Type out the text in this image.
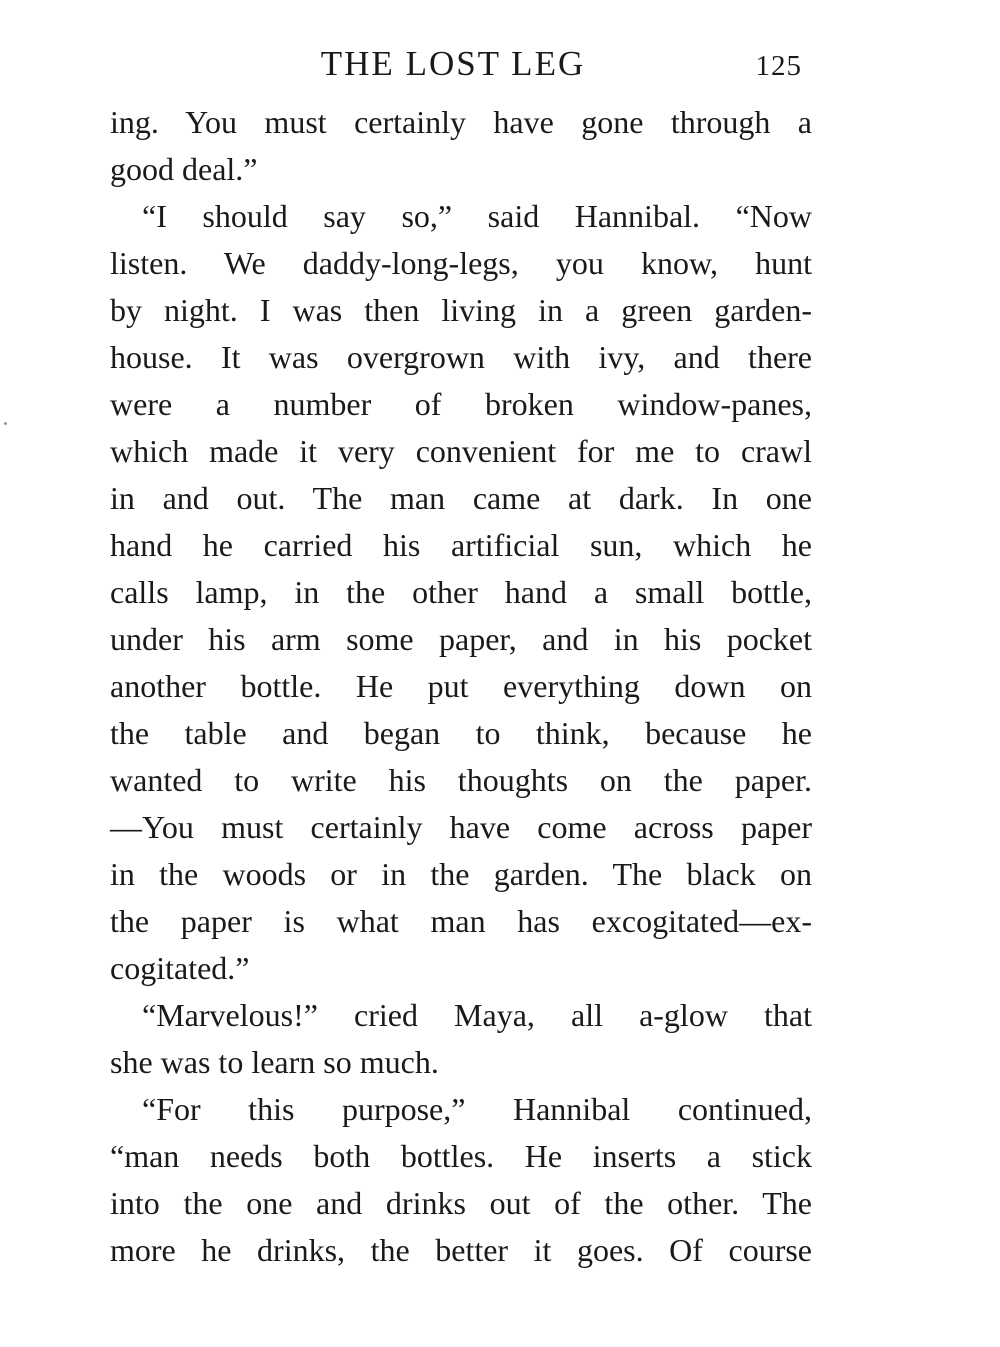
THE LOST LEG	125
ing. You must certainly have gone through a
good deal.”
“I should say so,” said Hannibal. “Now
listen. We daddy-long-legs, you know, hunt
by night. I was then living in a green garden-
house. It was overgrown with ivy, and there
were a number of broken window-panes,
which made it very convenient for me to crawl
in and out. The man came at dark. In one
hand he carried his artificial sun, which he
calls lamp, in the other hand a small bottle,
under his arm some paper, and in his pocket
another bottle. He put everything down on
the table and began to think, because he
wanted to write his thoughts on the paper.
—You must certainly have come across paper
in the woods or in the garden. The black on
the paper is what man has excogitated—ex-
cogitated.”
“Marvelous!” cried Maya, all a-glow that
she was to learn so much.
“For this purpose,” Hannibal continued,
“man needs both bottles. He inserts a stick
into the one and drinks out of the other. The
more he drinks, the better it goes. Of course
